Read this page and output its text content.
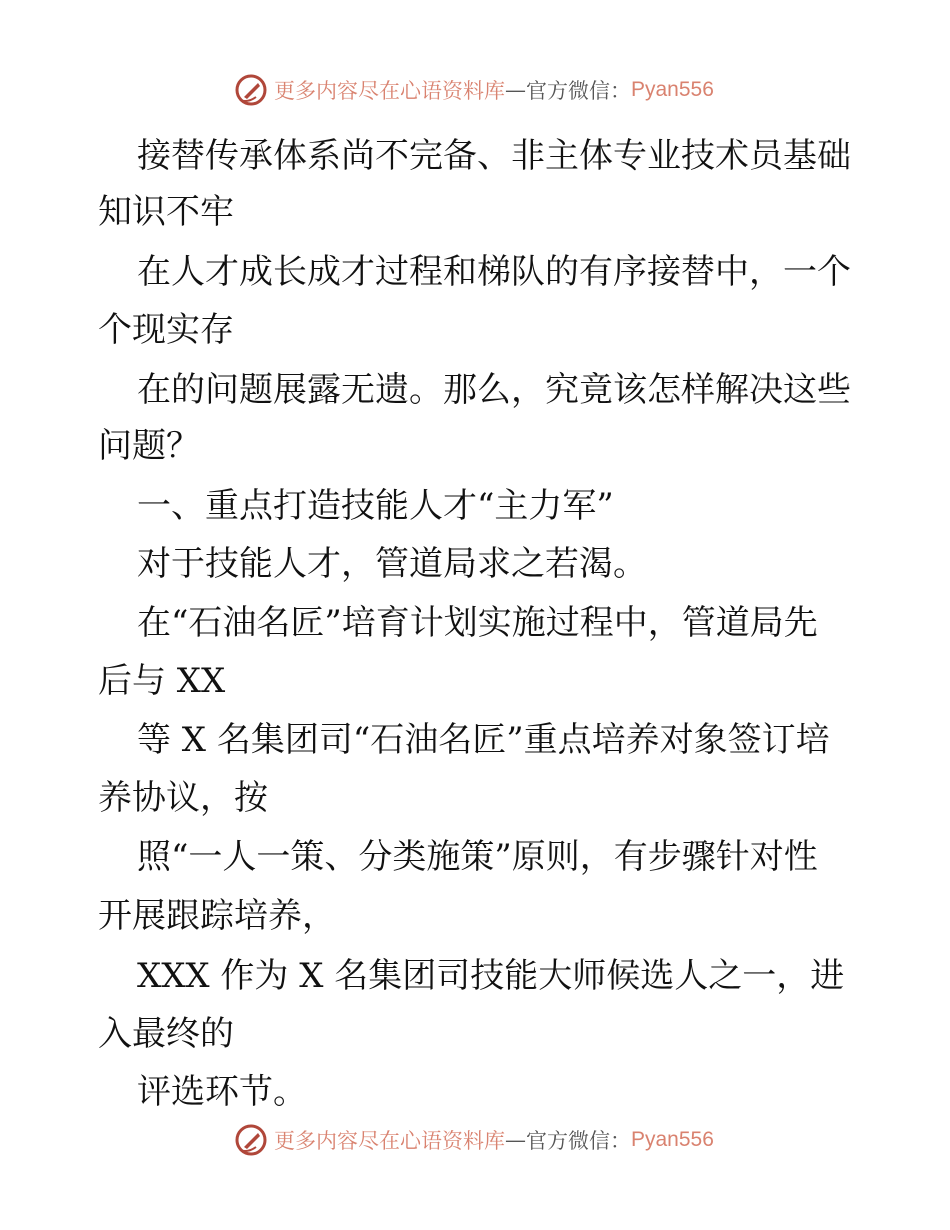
更多内容尽在心语资料库 — 官方微信： Pyan556
接替传承体系尚不完备、非主体专业技术员基础
知识不牢
在人才成长成才过程和梯队的有序接替中，一个
个现实存
在的问题展露无遗。那么，究竟该怎样解决这些
问题？
一、重点打造技能人才“主力军”
对于技能人才，管道局求之若渴。
在“石油名匠”培育计划实施过程中，管道局先
后与 XX
等 X 名集团司“石油名匠”重点培养对象签订培
养协议，按
照“一人一策、分类施策”原则，有步骤针对性
开展跟踪培养，
XXX 作为 X 名集团司技能大师候选人之一，进
入最终的
评选环节。
更多内容尽在心语资料库 — 官方微信： Pyan556
